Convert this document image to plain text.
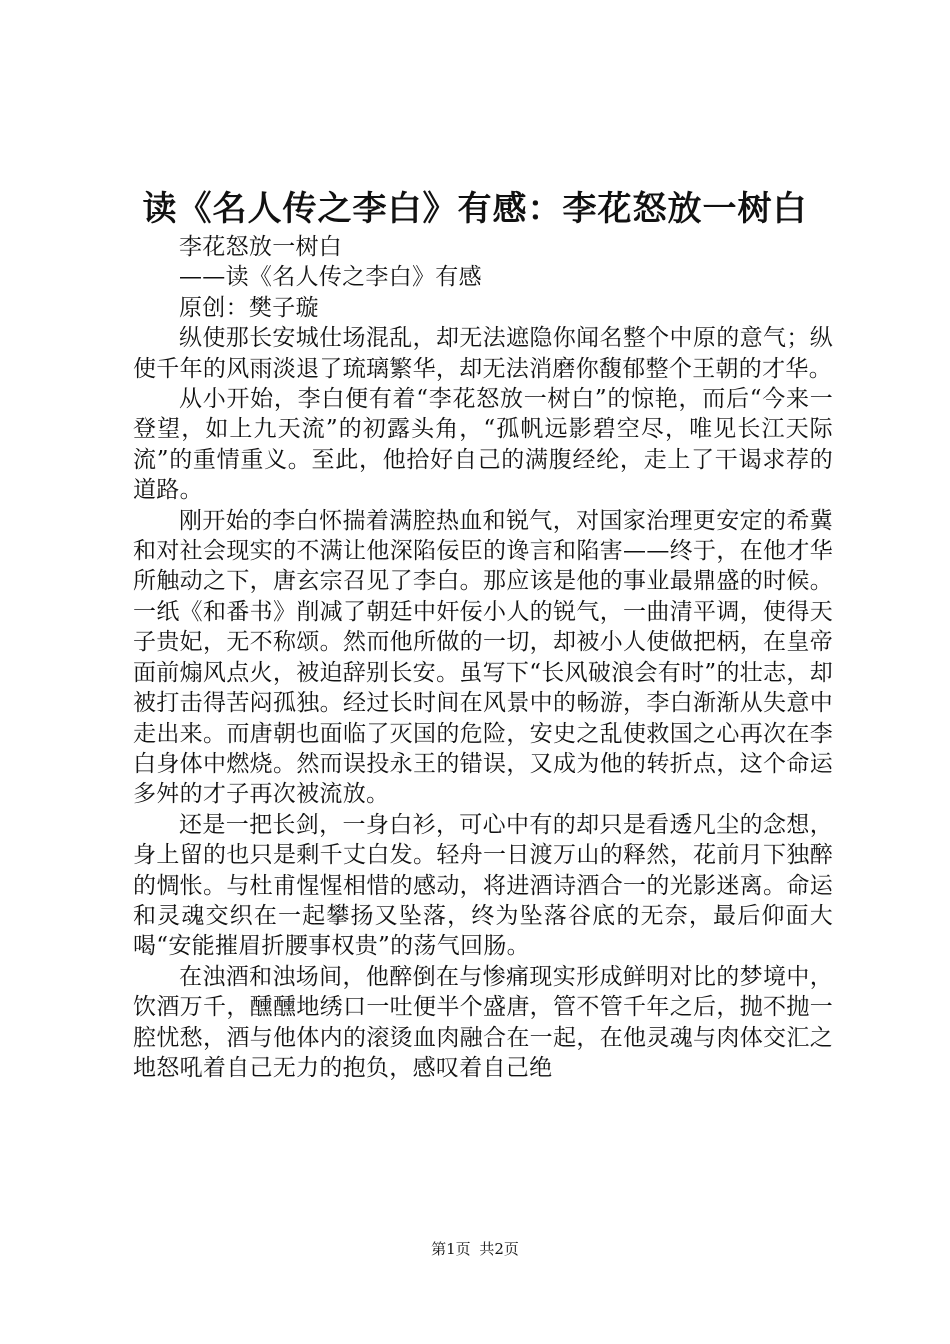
读《名人传之李白》有感：李花怒放一树白

李花怒放一树白

——读《名人传之李白》有感

原创：樊子璇

纵使那长安城仕场混乱，却无法遮隐你闻名整个中原的意气；纵使千年的风雨淡退了琉璃繁华，却无法消磨你馥郁整个王朝的才华。

从小开始，李白便有着“李花怒放一树白”的惊艳，而后“今来一登望，如上九天流”的初露头角，“孤帆远影碧空尽，唯见长江天际流”的重情重义。至此，他拾好自己的满腹经纶，走上了干谒求荐的道路。

刚开始的李白怀揣着满腔热血和锐气，对国家治理更安定的希冀和对社会现实的不满让他深陷佞臣的谗言和陷害——终于，在他才华所触动之下，唐玄宗召见了李白。那应该是他的事业最鼎盛的时候。一纸《和番书》削减了朝廷中奸佞小人的锐气，一曲清平调，使得天子贵妃，无不称颂。然而他所做的一切，却被小人使做把柄，在皇帝面前煽风点火，被迫辞别长安。虽写下“长风破浪会有时”的壮志，却被打击得苦闷孤独。经过长时间在风景中的畅游，李白渐渐从失意中走出来。而唐朝也面临了灭国的危险，安史之乱使救国之心再次在李白身体中燃烧。然而误投永王的错误，又成为他的转折点，这个命运多舛的才子再次被流放。

还是一把长剑，一身白衫，可心中有的却只是看透凡尘的念想，身上留的也只是剩千丈白发。轻舟一日渡万山的释然，花前月下独醉的惆怅。与杜甫惺惺相惜的感动，将进酒诗酒合一的光影迷离。命运和灵魂交织在一起攀扬又坠落，终为坠落谷底的无奈，最后仰面大喝“安能摧眉折腰事权贵”的荡气回肠。

在浊酒和浊场间，他醉倒在与惨痛现实形成鲜明对比的梦境中，饮酒万千，醺醺地绣口一吐便半个盛唐，管不管千年之后，抛不抛一腔忧愁，酒与他体内的滚烫血肉融合在一起，在他灵魂与肉体交汇之地怒吼着自己无力的抱负，感叹着自己绝

第1页 共2页
